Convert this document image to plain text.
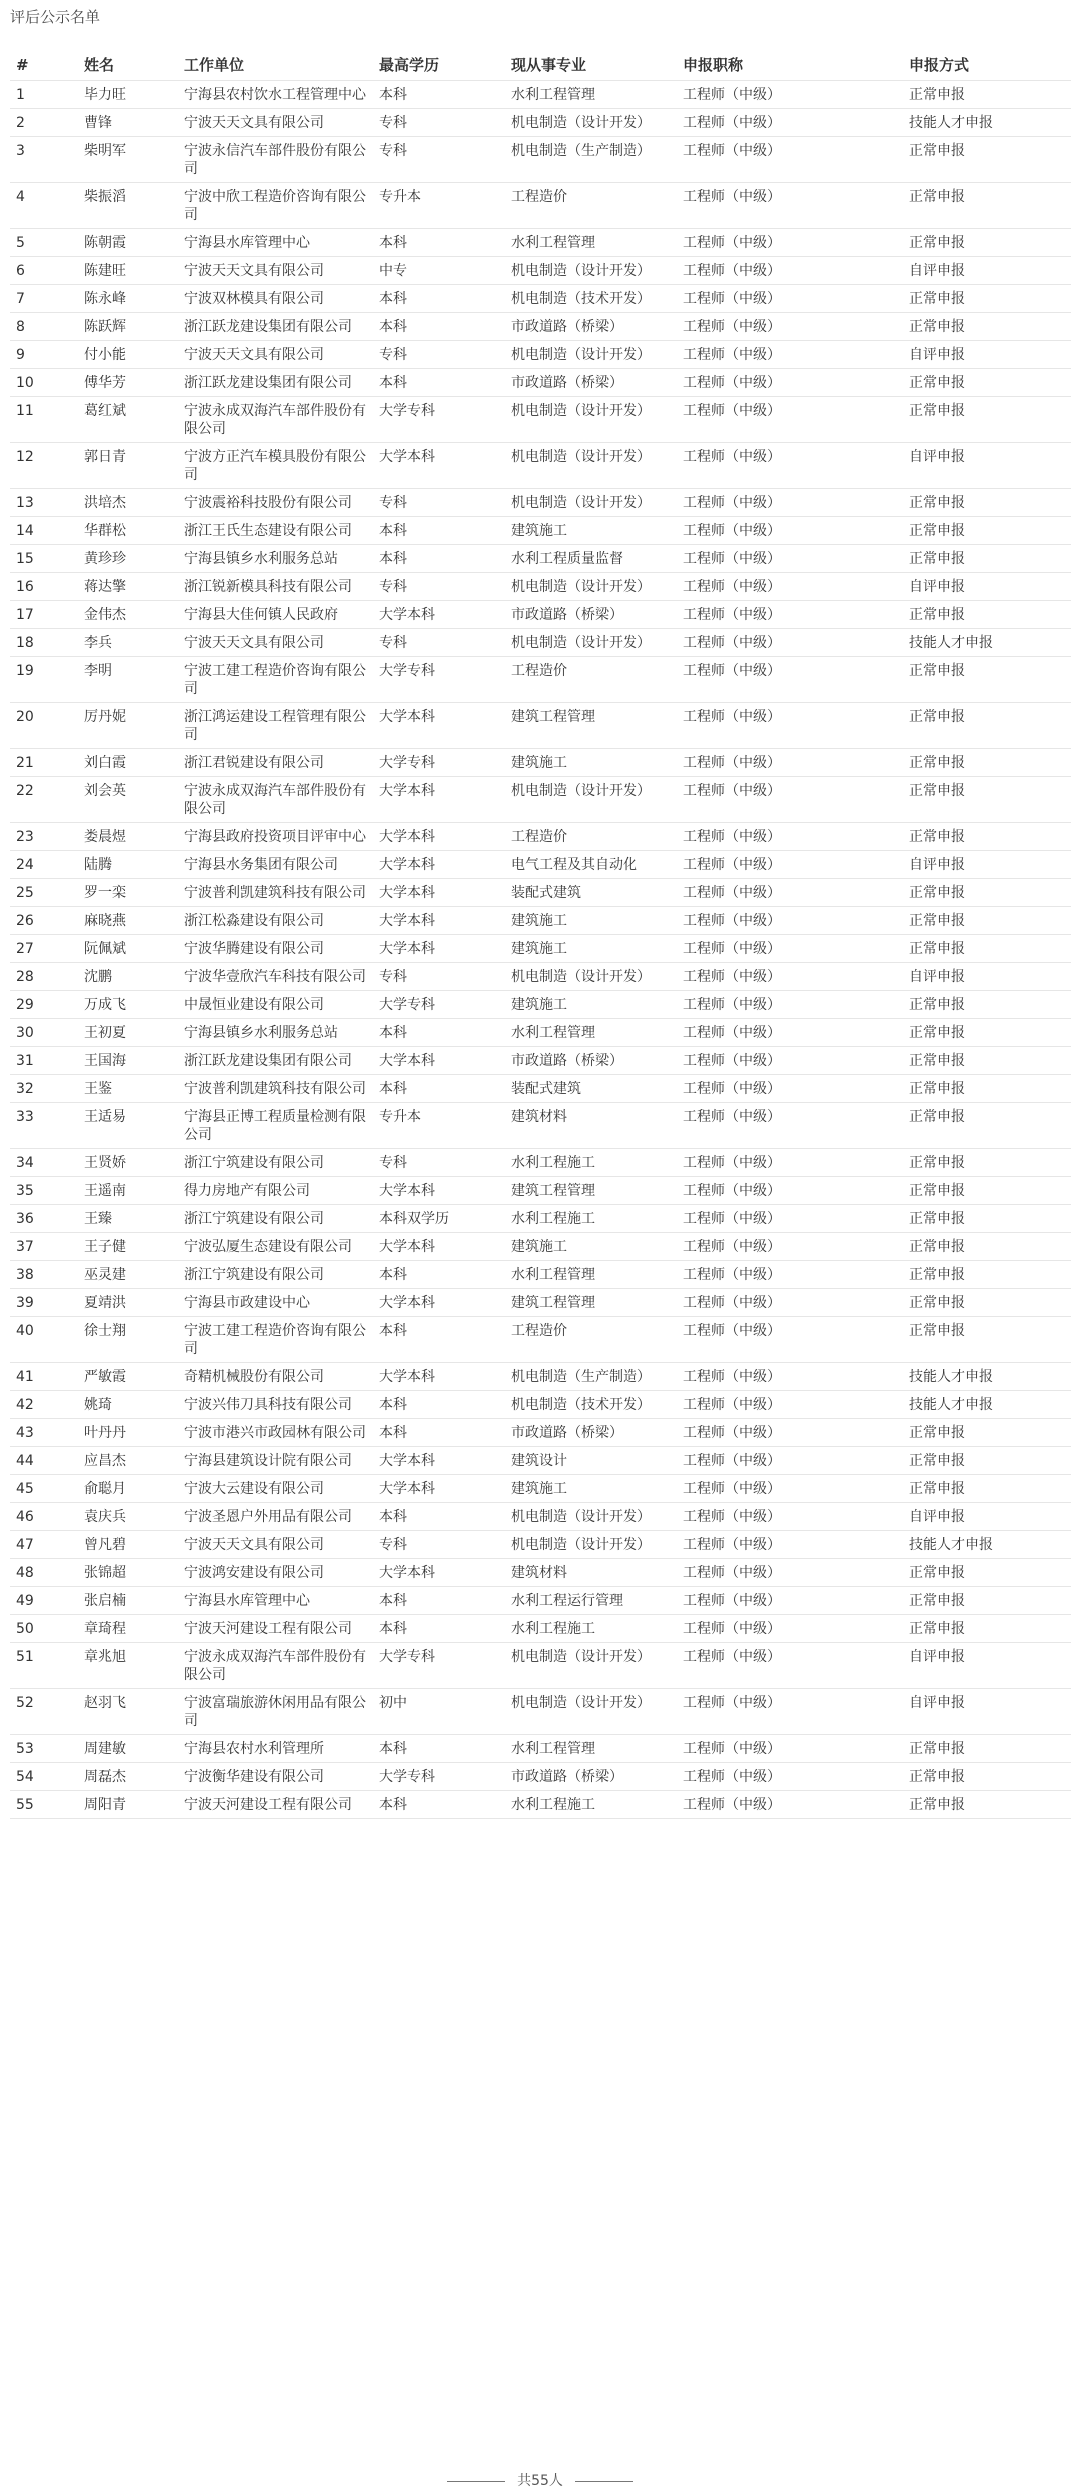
评后公示名单
#	姓名	工作单位	最高学历	现从事专业	申报职称	申报方式
1	毕力旺	宁海县农村饮水工程管理中心	本科	水利工程管理	工程师（中级）	正常申报
2	曹锋	宁波天天文具有限公司	专科	机电制造（设计开发）	工程师（中级）	技能人才申报
3	柴明军	宁波永信汽车部件股份有限公司	专科	机电制造（生产制造）	工程师（中级）	正常申报
4	柴振滔	宁波中欣工程造价咨询有限公司	专升本	工程造价	工程师（中级）	正常申报
5	陈朝霞	宁海县水库管理中心	本科	水利工程管理	工程师（中级）	正常申报
6	陈建旺	宁波天天文具有限公司	中专	机电制造（设计开发）	工程师（中级）	自评申报
7	陈永峰	宁波双林模具有限公司	本科	机电制造（技术开发）	工程师（中级）	正常申报
8	陈跃辉	浙江跃龙建设集团有限公司	本科	市政道路（桥梁）	工程师（中级）	正常申报
9	付小能	宁波天天文具有限公司	专科	机电制造（设计开发）	工程师（中级）	自评申报
10	傅华芳	浙江跃龙建设集团有限公司	本科	市政道路（桥梁）	工程师（中级）	正常申报
11	葛红斌	宁波永成双海汽车部件股份有限公司	大学专科	机电制造（设计开发）	工程师（中级）	正常申报
12	郭日青	宁波方正汽车模具股份有限公司	大学本科	机电制造（设计开发）	工程师（中级）	自评申报
13	洪培杰	宁波震裕科技股份有限公司	专科	机电制造（设计开发）	工程师（中级）	正常申报
14	华群松	浙江王氏生态建设有限公司	本科	建筑施工	工程师（中级）	正常申报
15	黄珍珍	宁海县镇乡水利服务总站	本科	水利工程质量监督	工程师（中级）	正常申报
16	蒋达擎	浙江锐新模具科技有限公司	专科	机电制造（设计开发）	工程师（中级）	自评申报
17	金伟杰	宁海县大佳何镇人民政府	大学本科	市政道路（桥梁）	工程师（中级）	正常申报
18	李兵	宁波天天文具有限公司	专科	机电制造（设计开发）	工程师（中级）	技能人才申报
19	李明	宁波工建工程造价咨询有限公司	大学专科	工程造价	工程师（中级）	正常申报
20	厉丹妮	浙江鸿运建设工程管理有限公司	大学本科	建筑工程管理	工程师（中级）	正常申报
21	刘白霞	浙江君锐建设有限公司	大学专科	建筑施工	工程师（中级）	正常申报
22	刘会英	宁波永成双海汽车部件股份有限公司	大学本科	机电制造（设计开发）	工程师（中级）	正常申报
23	娄晨煜	宁海县政府投资项目评审中心	大学本科	工程造价	工程师（中级）	正常申报
24	陆腾	宁海县水务集团有限公司	大学本科	电气工程及其自动化	工程师（中级）	自评申报
25	罗一栾	宁波普利凯建筑科技有限公司	大学本科	装配式建筑	工程师（中级）	正常申报
26	麻晓燕	浙江松淼建设有限公司	大学本科	建筑施工	工程师（中级）	正常申报
27	阮佩斌	宁波华腾建设有限公司	大学本科	建筑施工	工程师（中级）	正常申报
28	沈鹏	宁波华壹欣汽车科技有限公司	专科	机电制造（设计开发）	工程师（中级）	自评申报
29	万成飞	中晟恒业建设有限公司	大学专科	建筑施工	工程师（中级）	正常申报
30	王初夏	宁海县镇乡水利服务总站	本科	水利工程管理	工程师（中级）	正常申报
31	王国海	浙江跃龙建设集团有限公司	大学本科	市政道路（桥梁）	工程师（中级）	正常申报
32	王鉴	宁波普利凯建筑科技有限公司	本科	装配式建筑	工程师（中级）	正常申报
33	王适易	宁海县正博工程质量检测有限公司	专升本	建筑材料	工程师（中级）	正常申报
34	王贤娇	浙江宁筑建设有限公司	专科	水利工程施工	工程师（中级）	正常申报
35	王遥南	得力房地产有限公司	大学本科	建筑工程管理	工程师（中级）	正常申报
36	王臻	浙江宁筑建设有限公司	本科双学历	水利工程施工	工程师（中级）	正常申报
37	王子健	宁波弘厦生态建设有限公司	大学本科	建筑施工	工程师（中级）	正常申报
38	巫灵建	浙江宁筑建设有限公司	本科	水利工程管理	工程师（中级）	正常申报
39	夏靖洪	宁海县市政建设中心	大学本科	建筑工程管理	工程师（中级）	正常申报
40	徐士翔	宁波工建工程造价咨询有限公司	本科	工程造价	工程师（中级）	正常申报
41	严敏霞	奇精机械股份有限公司	大学本科	机电制造（生产制造）	工程师（中级）	技能人才申报
42	姚琦	宁波兴伟刀具科技有限公司	本科	机电制造（技术开发）	工程师（中级）	技能人才申报
43	叶丹丹	宁波市港兴市政园林有限公司	本科	市政道路（桥梁）	工程师（中级）	正常申报
44	应昌杰	宁海县建筑设计院有限公司	大学本科	建筑设计	工程师（中级）	正常申报
45	俞聪月	宁波大云建设有限公司	大学本科	建筑施工	工程师（中级）	正常申报
46	袁庆兵	宁波圣恩户外用品有限公司	本科	机电制造（设计开发）	工程师（中级）	自评申报
47	曾凡碧	宁波天天文具有限公司	专科	机电制造（设计开发）	工程师（中级）	技能人才申报
48	张锦超	宁波鸿安建设有限公司	大学本科	建筑材料	工程师（中级）	正常申报
49	张启楠	宁海县水库管理中心	本科	水利工程运行管理	工程师（中级）	正常申报
50	章琦程	宁波天河建设工程有限公司	本科	水利工程施工	工程师（中级）	正常申报
51	章兆旭	宁波永成双海汽车部件股份有限公司	大学专科	机电制造（设计开发）	工程师（中级）	自评申报
52	赵羽飞	宁波富瑞旅游休闲用品有限公司	初中	机电制造（设计开发）	工程师（中级）	自评申报
53	周建敏	宁海县农村水利管理所	本科	水利工程管理	工程师（中级）	正常申报
54	周磊杰	宁波衡华建设有限公司	大学专科	市政道路（桥梁）	工程师（中级）	正常申报
55	周阳青	宁波天河建设工程有限公司	本科	水利工程施工	工程师（中级）	正常申报
共55人
